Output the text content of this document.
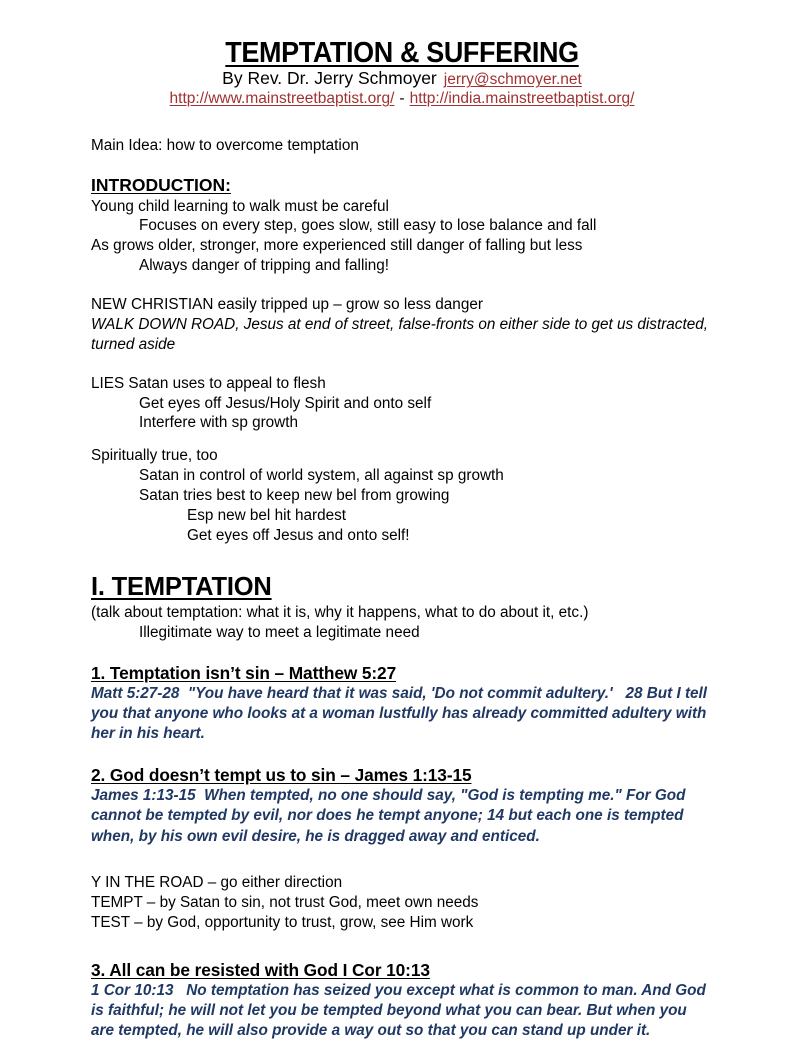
TEMPTATION & SUFFERING
By Rev. Dr. Jerry Schmoyer jerry@schmoyer.net
http://www.mainstreetbaptist.org/ - http://india.mainstreetbaptist.org/

Main Idea: how to overcome temptation

INTRODUCTION:

Young child learning to walk must be careful

Focuses on every step, goes slow, still easy to lose balance and fall

As grows older, stronger, more experienced still danger of falling but less

Always danger of tripping and falling!

NEW CHRISTIAN easily tripped up – grow so less danger

WALK DOWN ROAD, Jesus at end of street, false-fronts on either side to get us distracted, turned aside

LIES Satan uses to appeal to flesh

Get eyes off Jesus/Holy Spirit and onto self

Interfere with sp growth

Spiritually true, too

Satan in control of world system, all against sp growth

Satan tries best to keep new bel from growing

Esp new bel hit hardest

Get eyes off Jesus and onto self!

I. TEMPTATION

(talk about temptation: what it is, why it happens, what to do about it, etc.)

Illegitimate way to meet a legitimate need

1. Temptation isn’t sin – Matthew 5:27

Matt 5:27-28  "You have heard that it was said, 'Do not commit adultery.'   28 But I tell you that anyone who looks at a woman lustfully has already committed adultery with her in his heart.

2. God doesn’t tempt us to sin – James 1:13-15

James 1:13-15  When tempted, no one should say, "God is tempting me." For God cannot be tempted by evil, nor does he tempt anyone; 14 but each one is tempted when, by his own evil desire, he is dragged away and enticed.

Y IN THE ROAD – go either direction

TEMPT – by Satan to sin, not trust God, meet own needs

TEST – by God, opportunity to trust, grow, see Him work

3. All can be resisted with God I Cor 10:13

1 Cor 10:13   No temptation has seized you except what is common to man. And God is faithful; he will not let you be tempted beyond what you can bear. But when you are tempted, he will also provide a way out so that you can stand up under it.
